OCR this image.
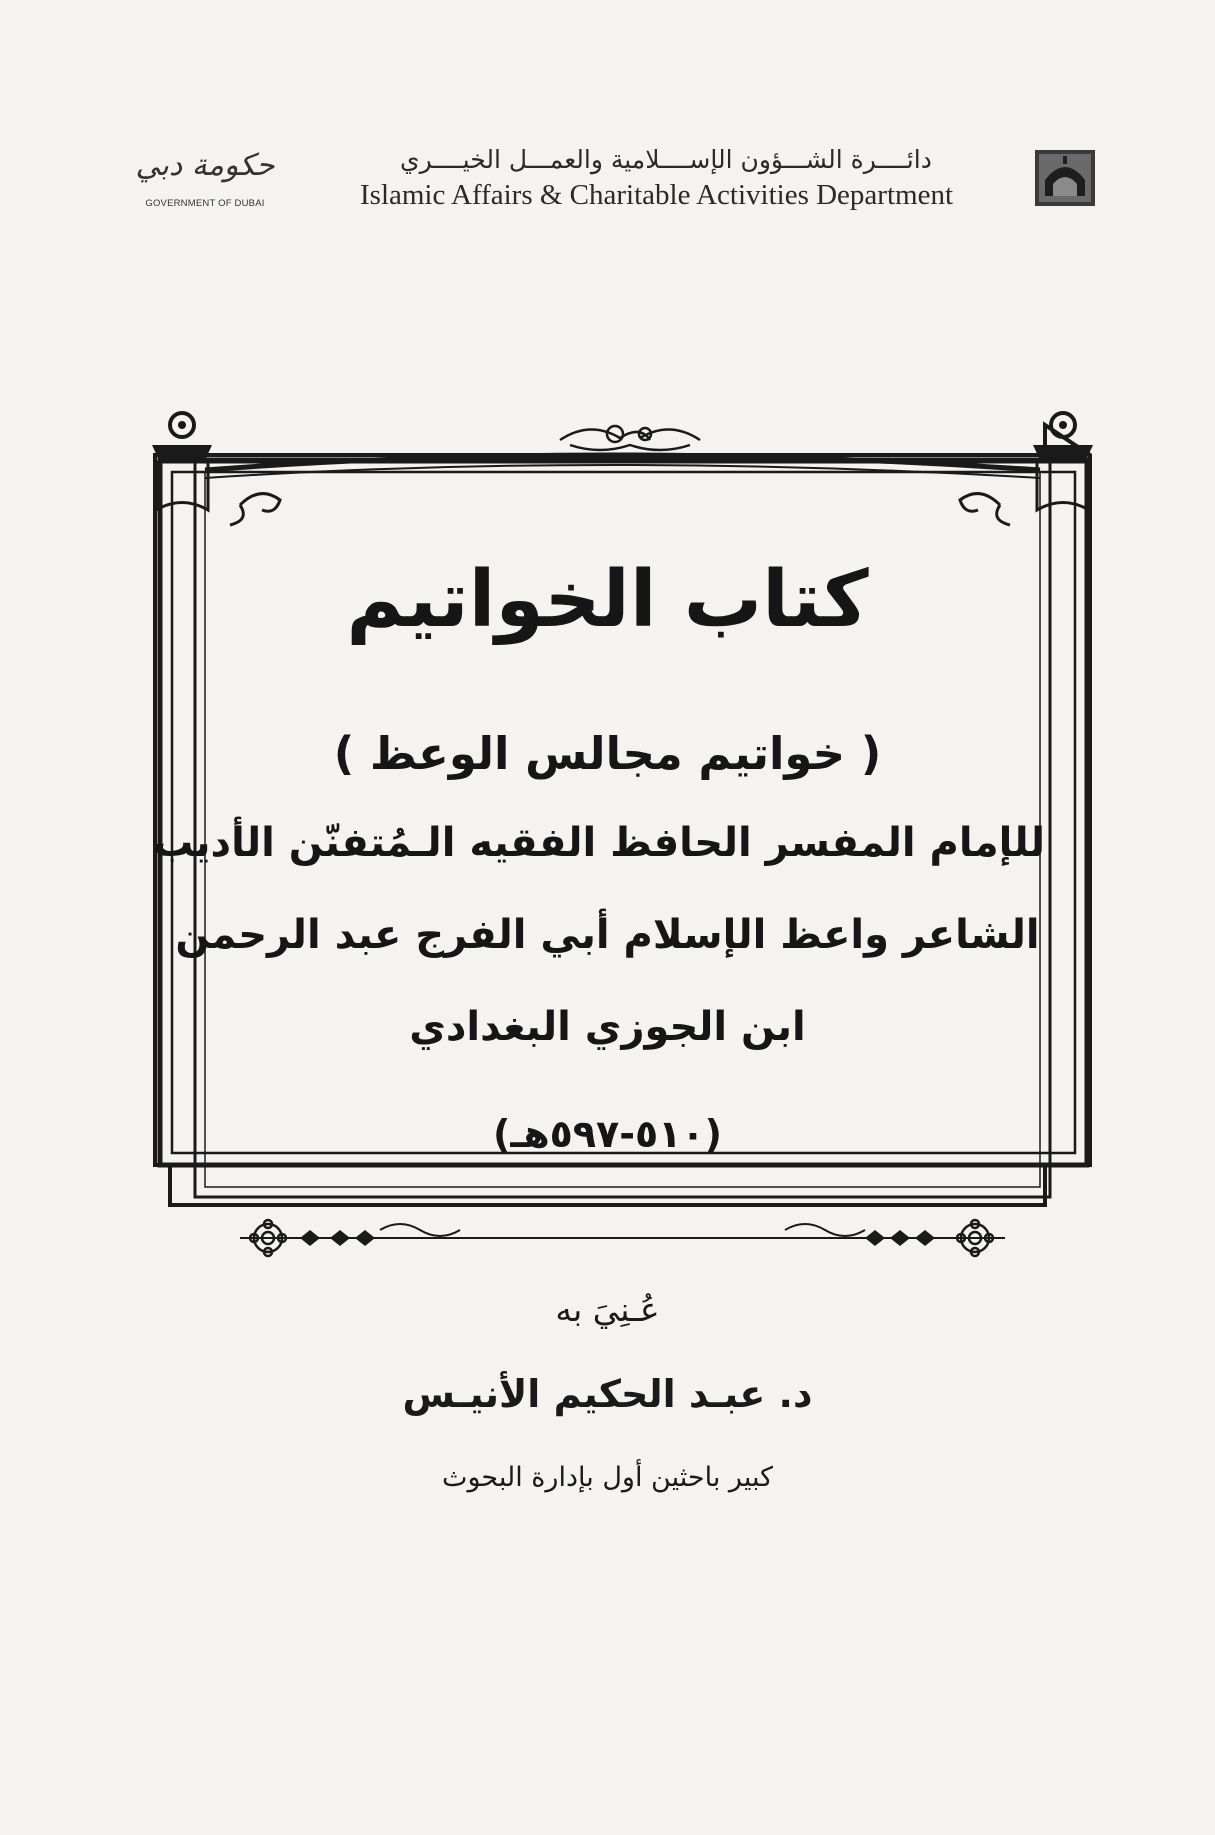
حكومة دبي
GOVERNMENT OF DUBAI
دائــــرة الشـــؤون الإســــلامية والعمـــل الخيــــري
Islamic Affairs & Charitable Activities Department
كتاب الخواتيم
( خواتيم مجالس الوعظ )
للإمام المفسر الحافظ الفقيه الـمُتفنّن الأديب
الشاعر واعظ الإسلام أبي الفرج عبد الرحمن
ابن الجوزي البغدادي
(٥١٠-٥٩٧هـ)
عُـنِيَ به
د. عبـد الحكيم الأنيـس
كبير باحثين أول بإدارة البحوث
